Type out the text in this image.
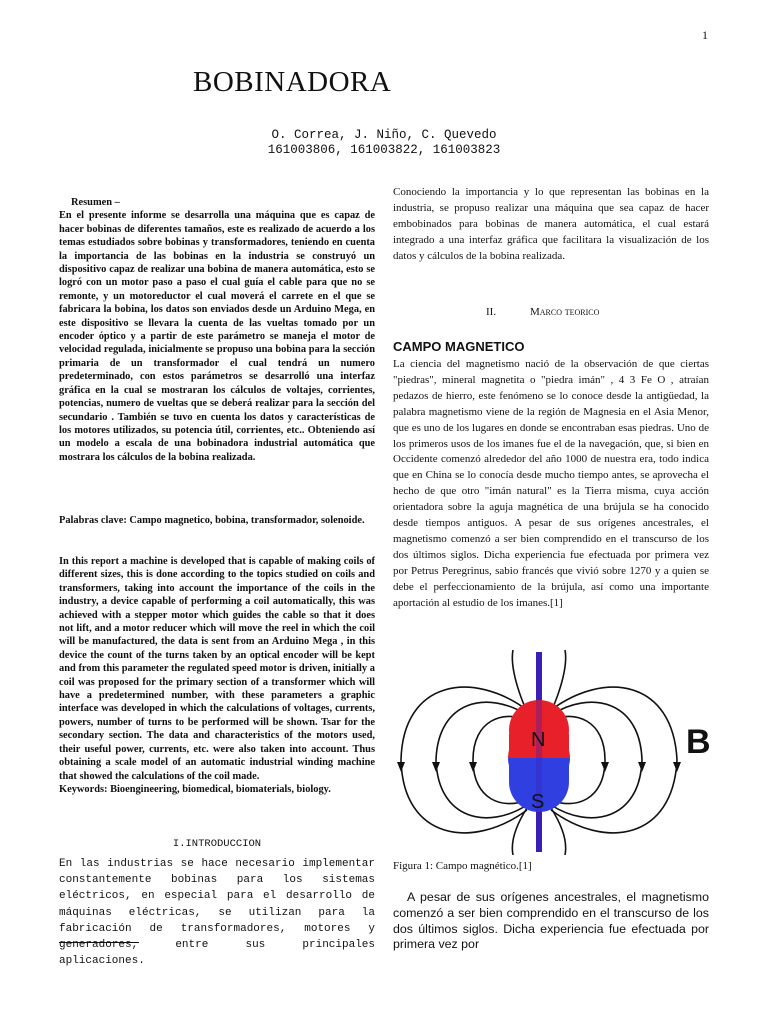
1
BOBINADORA
O. Correa, J. Niño, C. Quevedo
161003806, 161003822, 161003823
Resumen –
En el presente informe se desarrolla una máquina que es capaz de hacer bobinas de diferentes tamaños, este es realizado de acuerdo a los temas estudiados sobre bobinas y transformadores, teniendo en cuenta la importancia de las bobinas en la industria se construyó un dispositivo capaz de realizar una bobina de manera automática, esto se logró con un motor paso a paso el cual guía el cable para que no se remonte, y un motoreductor el cual moverá el carrete en el que se fabricara la bobina, los datos son enviados desde un Arduino Mega, en este dispositivo se llevara la cuenta de las vueltas tomado por un encoder óptico y a partir de este parámetro se maneja el motor de velocidad regulada, inicialmente se propuso una bobina para la sección primaria de un transformador el cual tendrá un numero predeterminado, con estos parámetros se desarrolló una interfaz gráfica en la cual se mostraran los cálculos de voltajes, corrientes, potencias, numero de vueltas que se deberá realizar para la sección del secundario . También se tuvo en cuenta los datos y características de los motores utilizados, su potencia útil, corrientes, etc.. Obteniendo así un modelo a escala de una bobinadora industrial automática que mostrara los cálculos de la bobina realizada.
Palabras clave: Campo magnetico, bobina, transformador, solenoide.
In this report a machine is developed that is capable of making coils of different sizes, this is done according to the topics studied on coils and transformers, taking into account the importance of the coils in the industry, a device capable of performing a coil automatically, this was achieved with a stepper motor which guides the cable so that it does not lift, and a motor reducer which will move the reel in which the coil will be manufactured, the data is sent from an Arduino Mega , in this device the count of the turns taken by an optical encoder will be kept and from this parameter the regulated speed motor is driven, initially a coil was proposed for the primary section of a transformer which will have a predetermined number, with these parameters a graphic interface was developed in which the calculations of voltages, currents, powers, number of turns to be performed will be shown. Tsar for the secondary section. The data and characteristics of the motors used, their useful power, currents, etc. were also taken into account. Thus obtaining a scale model of an automatic industrial winding machine that showed the calculations of the coil made.
Keywords: Bioengineering, biomedical, biomaterials, biology.
I.INTRODUCCION
En las industrias se hace necesario implementar constantemente bobinas para los sistemas eléctricos, en especial para el desarrollo de máquinas eléctricas, se utilizan para la fabricación de transformadores, motores y generadores, entre sus principales aplicaciones.
Conociendo la importancia y lo que representan las bobinas en la industria, se propuso realizar una máquina que sea capaz de hacer embobinados para bobinas de manera automática, el cual estará integrado a una interfaz gráfica que facilitara la visualización de los datos y cálculos de la bobina realizada.
II.	Marco teorico
CAMPO MAGNETICO
La ciencia del magnetismo nació de la observación de que ciertas "piedras", mineral magnetita o "piedra imán" , 4 3 Fe O , atraían pedazos de hierro, este fenómeno se lo conoce desde la antigüedad, la palabra magnetismo viene de la región de Magnesia en el Asia Menor, que es uno de los lugares en donde se encontraban esas piedras. Uno de los primeros usos de los imanes fue el de la navegación, que, si bien en Occidente comenzó alrededor del año 1000 de nuestra era, todo indica que en China se lo conocía desde mucho tiempo antes, se aprovecha el hecho de que otro "imán natural" es la Tierra misma, cuya acción orientadora sobre la aguja magnética de una brújula se ha conocido desde tiempos antiguos. A pesar de sus orígenes ancestrales, el magnetismo comenzó a ser bien comprendido en el transcurso de los dos últimos siglos. Dicha experiencia fue efectuada por primera vez por Petrus Peregrinus, sabio francés que vivió sobre 1270 y a quien se debe el perfeccionamiento de la brújula, así como una importante aportación al estudio de los imanes.[1]
N
S
B
Figura 1: Campo magnético.[1]
A pesar de sus orígenes ancestrales, el magnetismo comenzó a ser bien comprendido en el transcurso de los dos últimos siglos. Dicha experiencia fue efectuada por primera vez por
